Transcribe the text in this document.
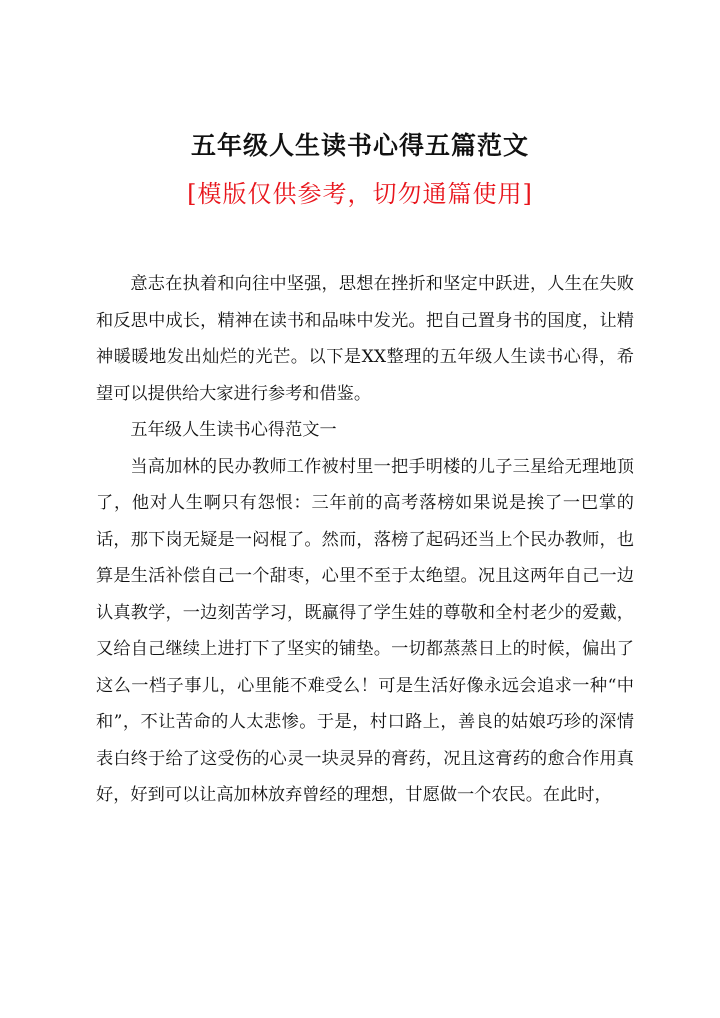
五年级人生读书心得五篇范文
[模版仅供参考，切勿通篇使用]

意志在执着和向往中坚强，思想在挫折和坚定中跃进，人生在失败和反思中成长，精神在读书和品味中发光。把自己置身书的国度，让精神暖暖地发出灿烂的光芒。以下是XX整理的五年级人生读书心得，希望可以提供给大家进行参考和借鉴。

五年级人生读书心得范文一

当高加林的民办教师工作被村里一把手明楼的儿子三星给无理地顶了，他对人生啊只有怨恨：三年前的高考落榜如果说是挨了一巴掌的话，那下岗无疑是一闷棍了。然而，落榜了起码还当上个民办教师，也算是生活补偿自己一个甜枣，心里不至于太绝望。况且这两年自己一边认真教学，一边刻苦学习，既赢得了学生娃的尊敬和全村老少的爱戴，又给自己继续上进打下了坚实的铺垫。一切都蒸蒸日上的时候，偏出了这么一档子事儿，心里能不难受么！可是生活好像永远会追求一种“中和”，不让苦命的人太悲惨。于是，村口路上，善良的姑娘巧珍的深情表白终于给了这受伤的心灵一块灵异的膏药，况且这膏药的愈合作用真好，好到可以让高加林放弃曾经的理想，甘愿做一个农民。在此时，
